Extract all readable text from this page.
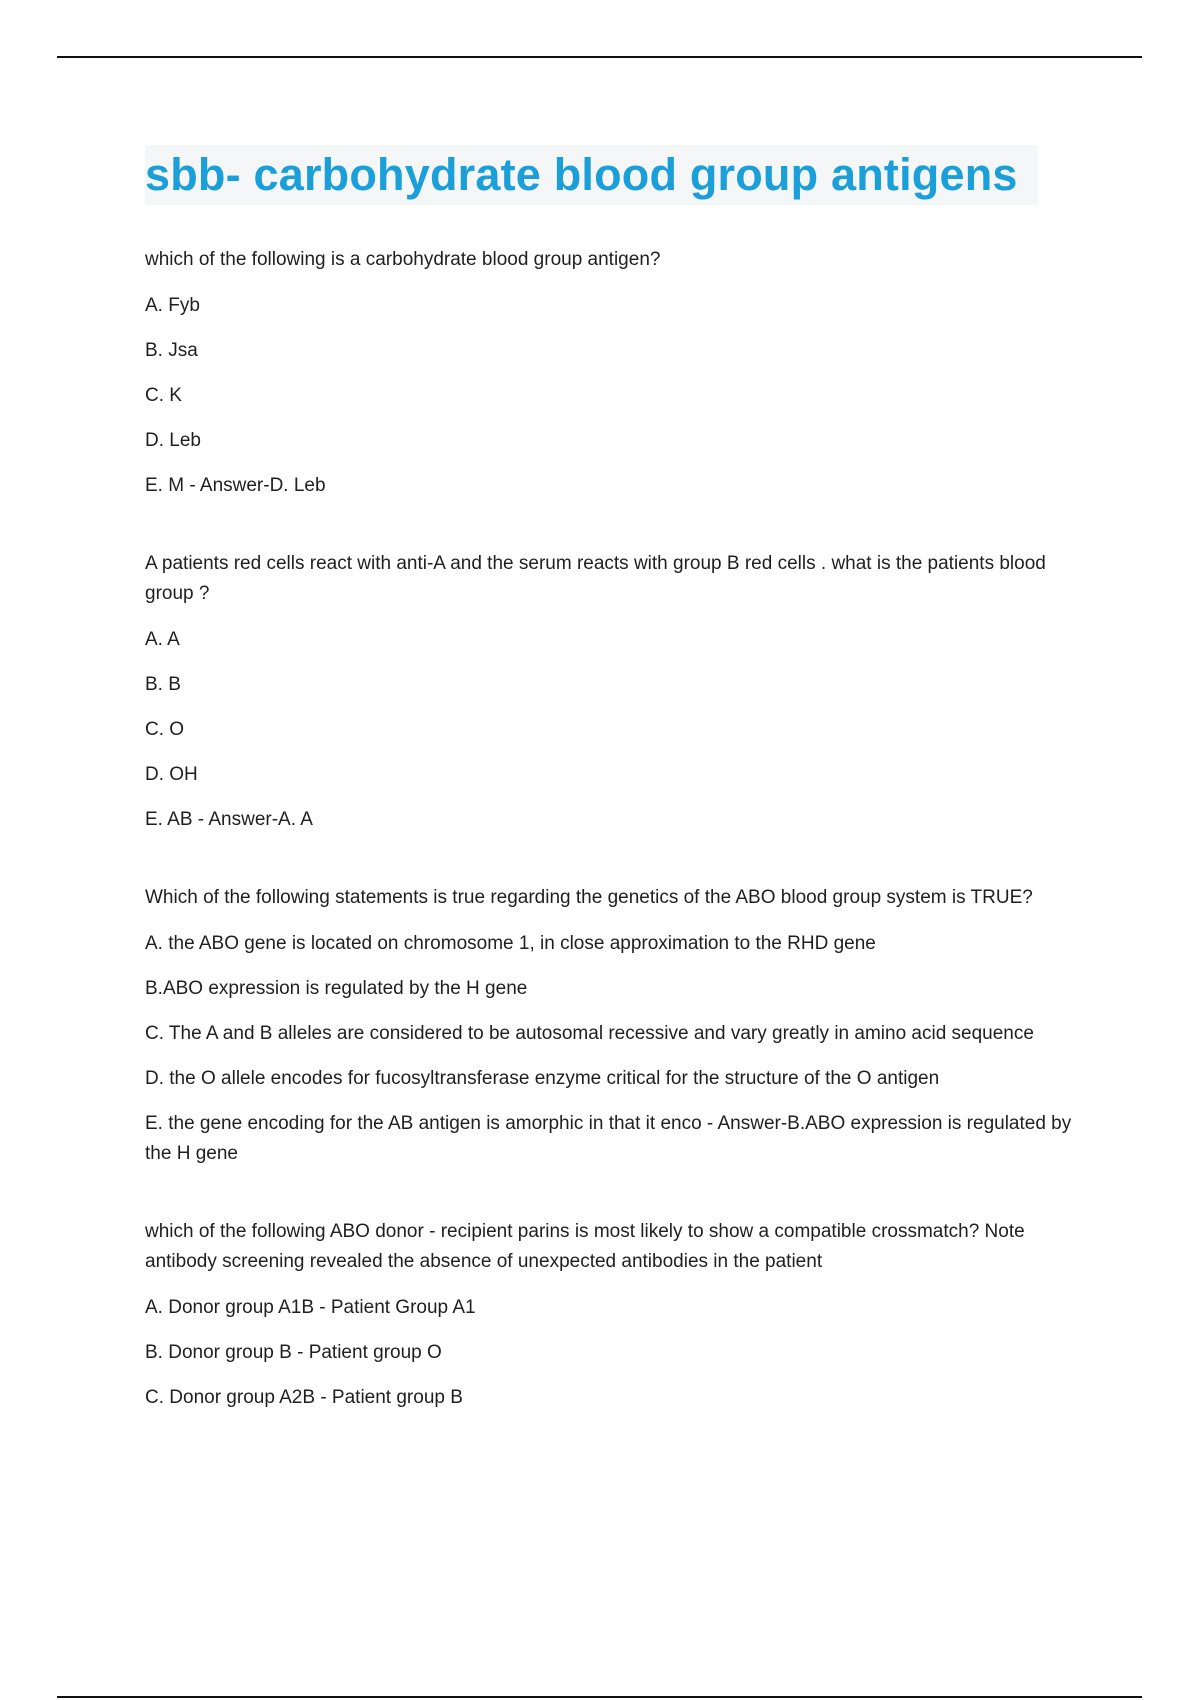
sbb- carbohydrate blood group antigens

which of the following is a carbohydrate blood group antigen?

A. Fyb

B. Jsa

C. K

D. Leb

E. M - Answer-D. Leb

A patients red cells react with anti-A and the serum reacts with group B red cells . what is the patients blood group ?

A. A

B. B

C. O

D. OH

E. AB - Answer-A. A

Which of the following statements is true regarding the genetics of the ABO blood group system is TRUE?

A. the ABO gene is located on chromosome 1, in close approximation to the RHD gene

B.ABO expression is regulated by the H gene

C. The A and B alleles are considered to be autosomal recessive and vary greatly in amino acid sequence

D. the O allele encodes for fucosyltransferase enzyme critical for the structure of the O antigen

E. the gene encoding for the AB antigen is amorphic in that it enco - Answer-B.ABO expression is regulated by the H gene

which of the following ABO donor - recipient parins is most likely to show a compatible crossmatch? Note antibody screening revealed the absence of unexpected antibodies in the patient

A. Donor group A1B - Patient Group A1

B. Donor group B - Patient group O

C. Donor group A2B - Patient group B
